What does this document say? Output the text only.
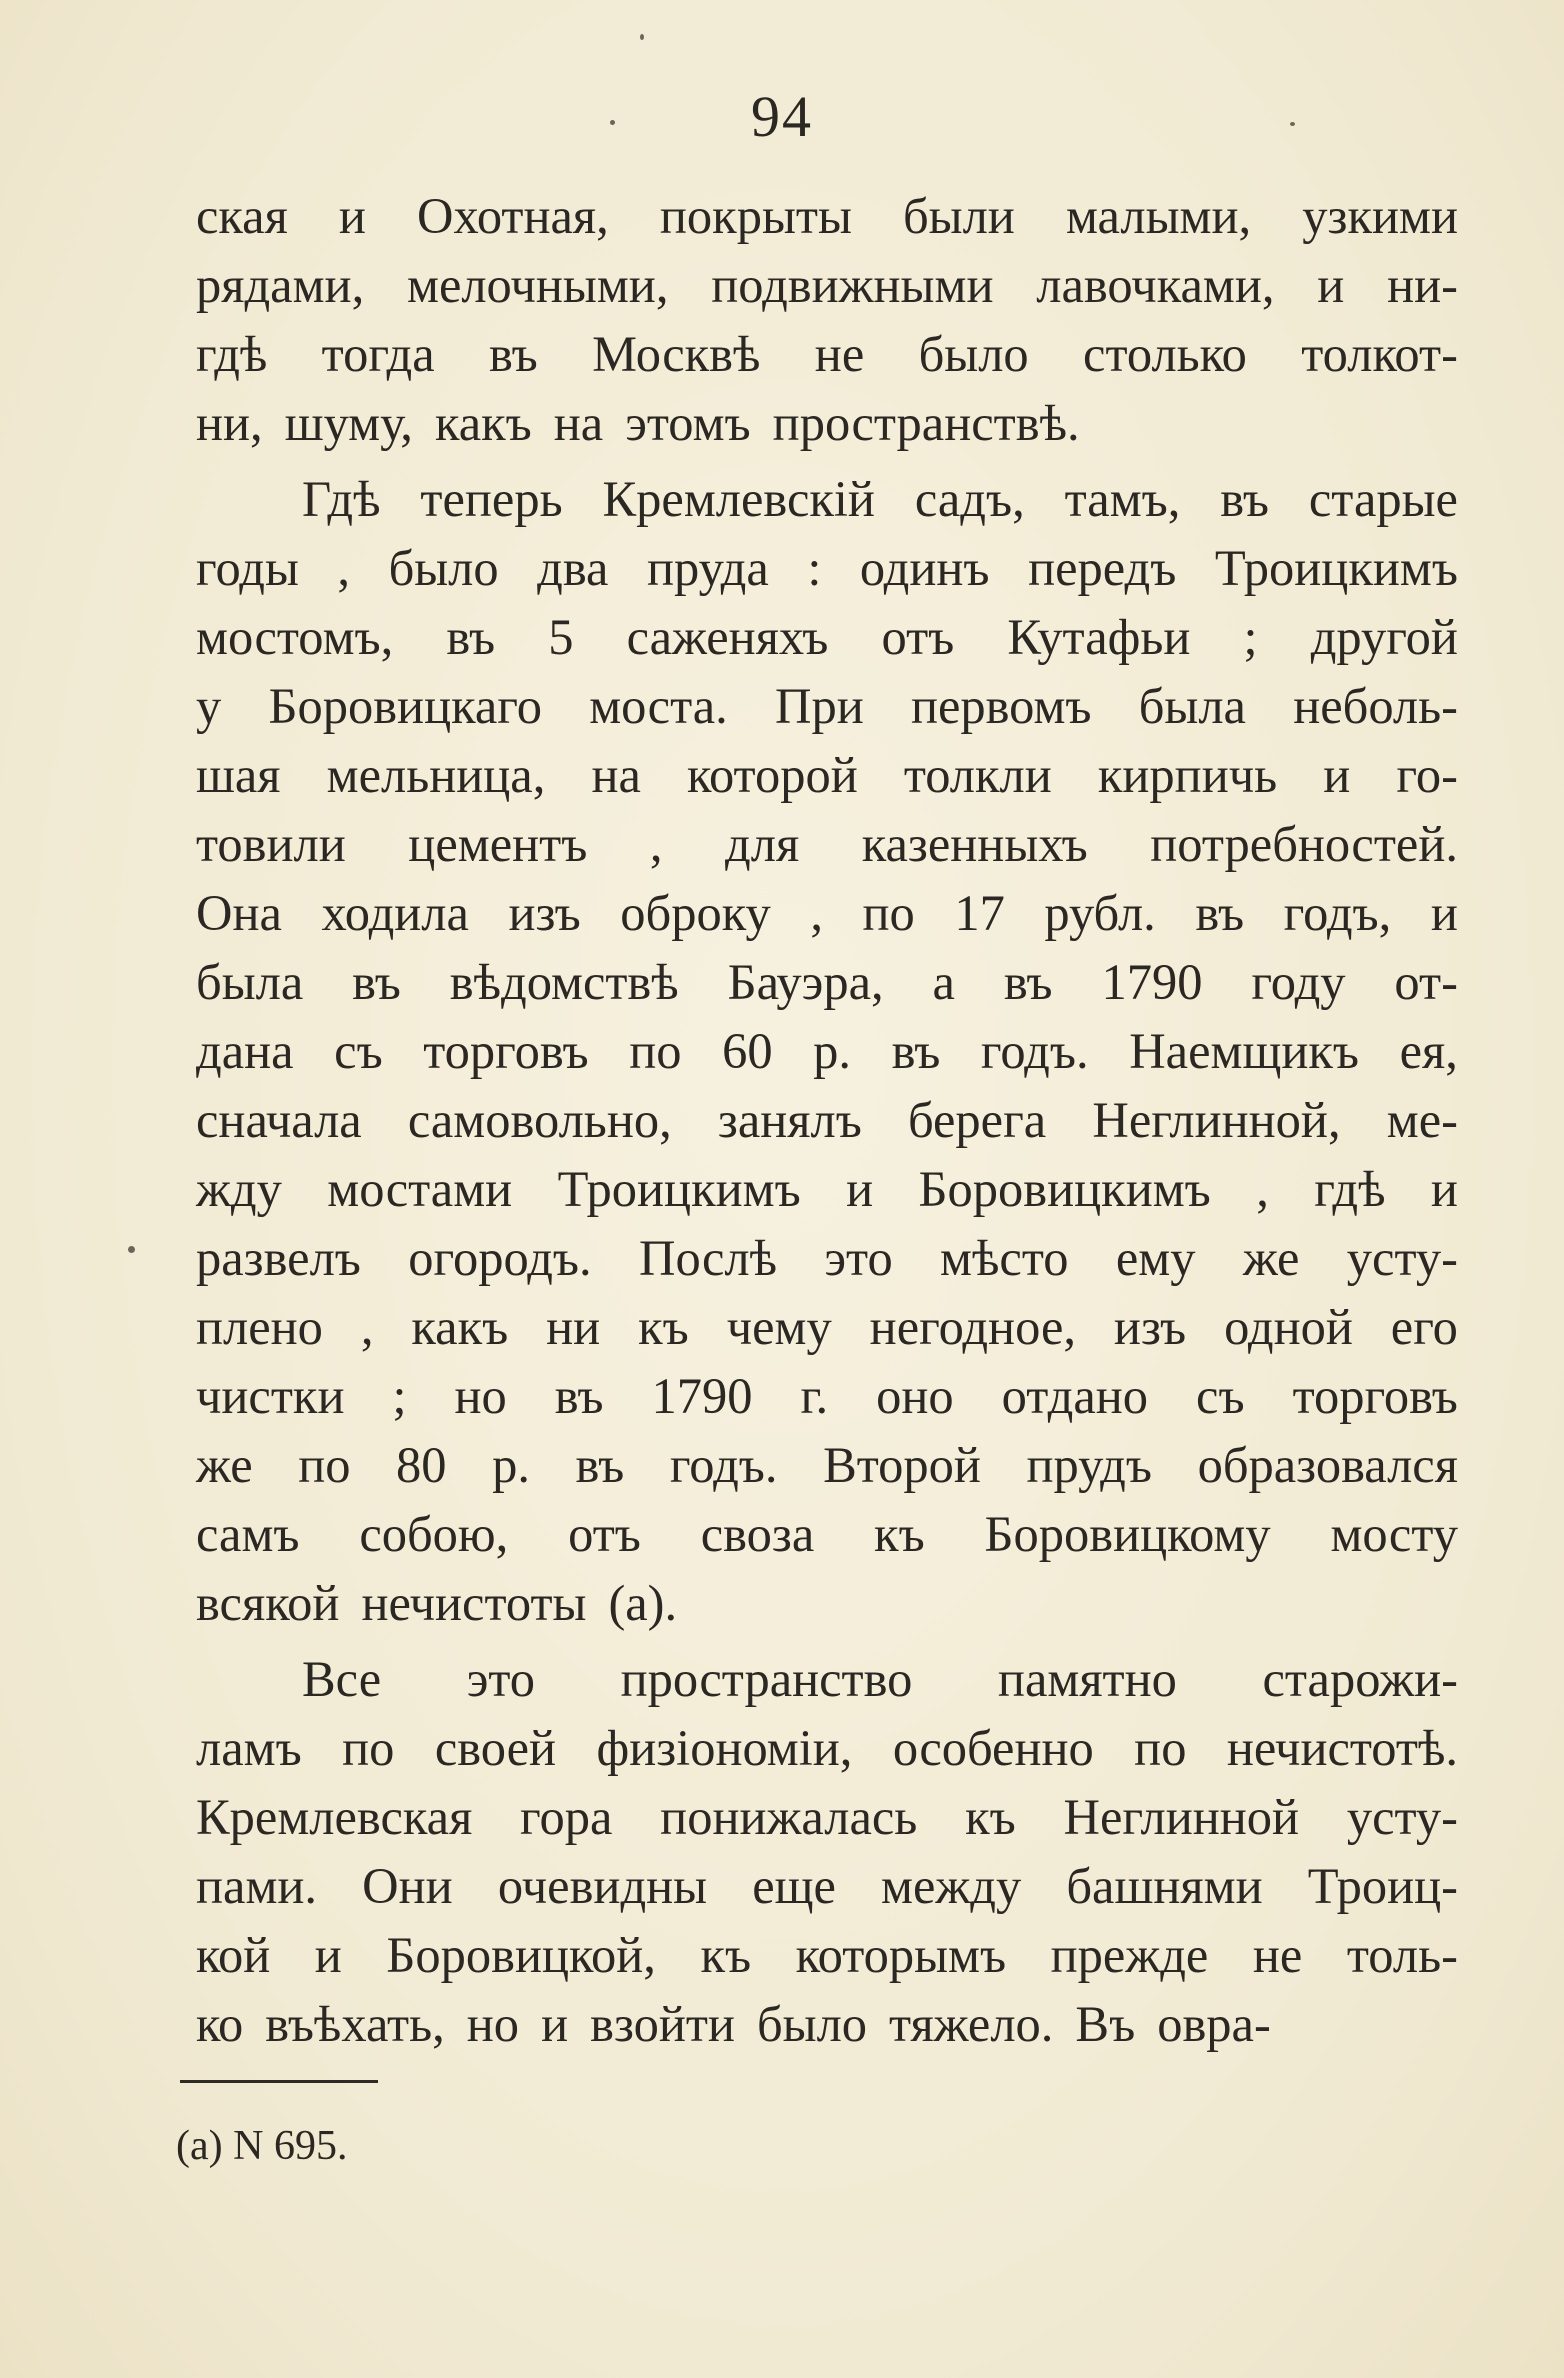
94
ская и Охотная, покрыты были малыми, узкими
рядами, мелочными, подвижными лавочками, и ни-
гдѣ тогда въ Москвѣ не было столько толкот-
ни, шуму, какъ на этомъ пространствѣ.
Гдѣ теперь Кремлевскій садъ, тамъ, въ старые
годы , было два пруда : одинъ передъ Троицкимъ
мостомъ, въ 5 саженяхъ отъ Кутафьи ; другой
у Боровицкаго моста. При первомъ была неболь-
шая мельница, на которой толкли кирпичь и го-
товили цементъ , для казенныхъ потребностей.
Она ходила изъ оброку , по 17 рубл. въ годъ, и
была въ вѣдомствѣ Бауэра, а въ 1790 году от-
дана съ торговъ по 60 р. въ годъ. Наемщикъ ея,
сначала самовольно, занялъ берега Неглинной, ме-
жду мостами Троицкимъ и Боровицкимъ , гдѣ и
развелъ огородъ. Послѣ это мѣсто ему же усту-
плено , какъ ни къ чему негодное, изъ одной его
чистки ; но въ 1790 г. оно отдано съ торговъ
же по 80 р. въ годъ. Второй прудъ образовался
самъ собою, отъ своза къ Боровицкому мосту
всякой нечистоты (а).
Все это пространство памятно старожи-
ламъ по своей физіономіи, особенно по нечистотѣ.
Кремлевская гора понижалась къ Неглинной усту-
пами. Они очевидны еще между башнями Троиц-
кой и Боровицкой, къ которымъ прежде не толь-
ко въѣхать, но и взойти было тяжело. Въ овра-
(а) N 695.
